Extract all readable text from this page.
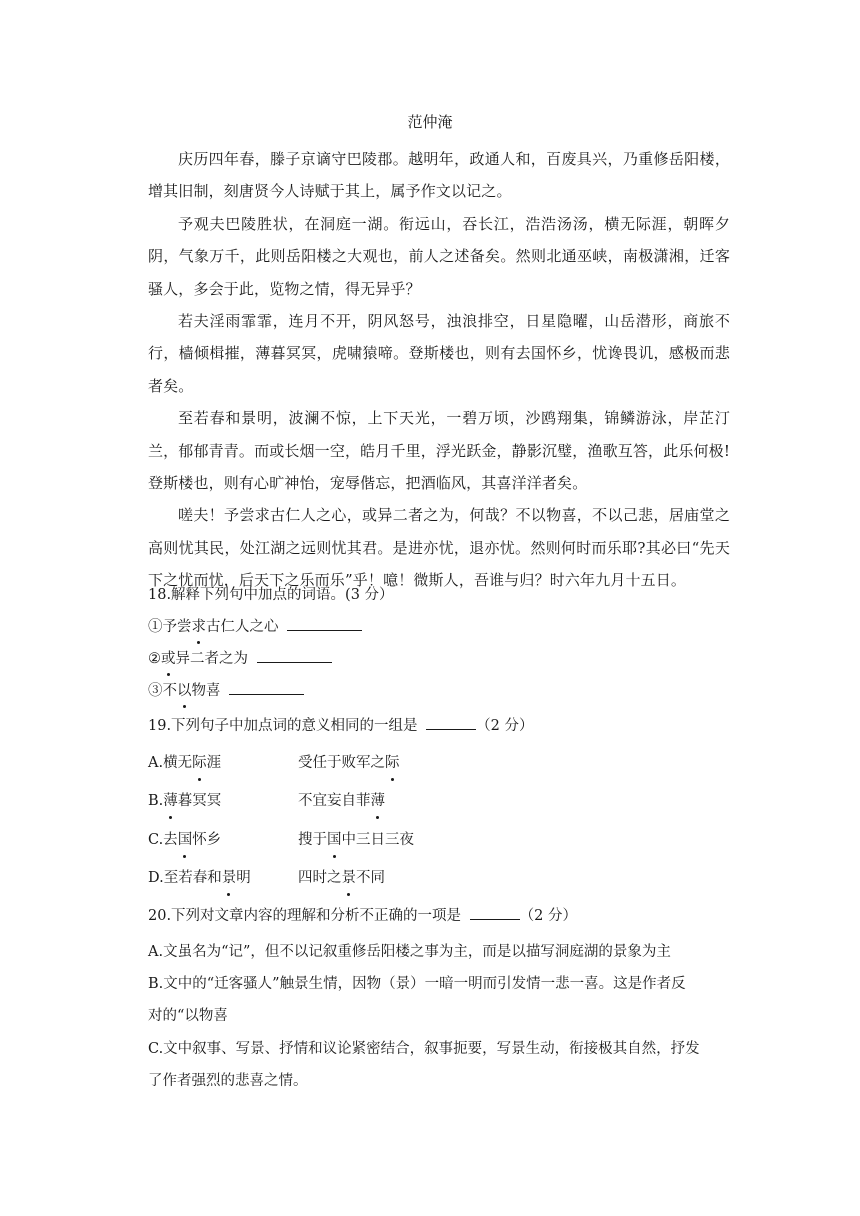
范仲淹

庆历四年春，滕子京谪守巴陵郡。越明年，政通人和，百废具兴，乃重修岳阳楼，增其旧制，刻唐贤今人诗赋于其上，属予作文以记之。

予观夫巴陵胜状，在洞庭一湖。衔远山，吞长江，浩浩汤汤，横无际涯，朝晖夕阴，气象万千，此则岳阳楼之大观也，前人之述备矣。然则北通巫峡，南极潇湘，迁客骚人，多会于此，览物之情，得无异乎？

若夫淫雨霏霏，连月不开，阴风怒号，浊浪排空，日星隐曜，山岳潜形，商旅不行，樯倾楫摧，薄暮冥冥，虎啸猿啼。登斯楼也，则有去国怀乡，忧谗畏讥，感极而悲者矣。

至若春和景明，波澜不惊，上下天光，一碧万顷，沙鸥翔集，锦鳞游泳，岸芷汀兰，郁郁青青。而或长烟一空，皓月千里，浮光跃金，静影沉璧，渔歌互答，此乐何极!登斯楼也，则有心旷神怡，宠辱偕忘，把酒临风，其喜洋洋者矣。

嗟夫！予尝求古仁人之心，或异二者之为，何哉？不以物喜，不以己悲，居庙堂之高则忧其民，处江湖之远则忧其君。是进亦忧，退亦忧。然则何时而乐耶?其必曰“先天下之忧而忧，后天下之乐而乐”乎！噫！微斯人，吾谁与归？时六年九月十五日。

18.解释下列句中加点的词语。(3 分）
①予尝求古仁人之心
②或异二者之为
③不以物喜
19.下列句子中加点词的意义相同的一组是	（2 分）
A.横无际涯	受任于败军之际
B.薄暮冥冥	不宜妄自菲薄
C.去国怀乡	搜于国中三日三夜
D.至若春和景明	四时之景不同
20.下列对文章内容的理解和分析不正确的一项是	（2 分）

A.文虽名为“记”，但不以记叙重修岳阳楼之事为主，而是以描写洞庭湖的景象为主

B.文中的“迁客骚人”触景生情，因物（景）一暗一明而引发情一悲一喜。这是作者反

对的“以物喜

C.文中叙事、写景、抒情和议论紧密结合，叙事扼要，写景生动，衔接极其自然，抒发

了作者强烈的悲喜之情。
